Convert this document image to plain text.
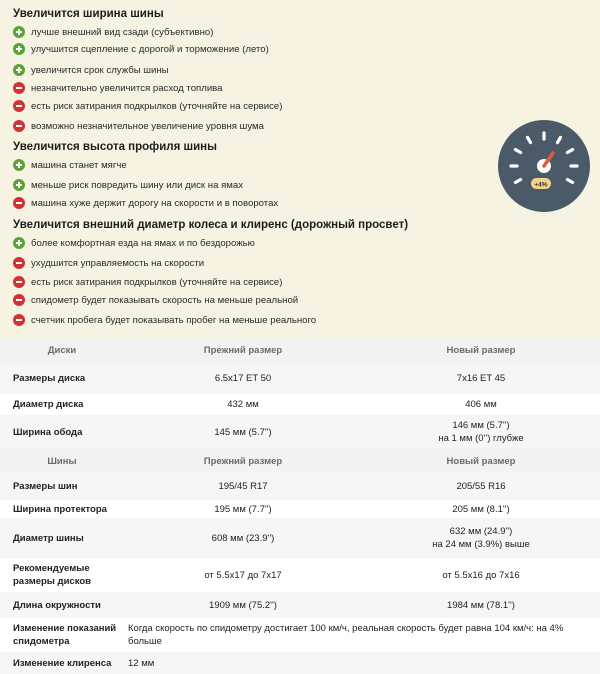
Увеличится ширина шины
лучше внешний вид сзади (субъективно)
улучшится сцепление с дорогой и торможение (лето)
увеличится срок службы шины
незначительно увеличится расход топлива
есть риск затирания подкрылков (уточняйте на сервисе)
возможно незначительное увеличение уровня шума
Увеличится высота профиля шины
машина станет мягче
меньше риск повредить шину или диск на ямах
машина хуже держит дорогу на скорости и в поворотах
Увеличится внешний диаметр колеса и клиренс (дорожный просвет)
более комфортная езда на ямах и по бездорожью
ухудшится управляемость на скорости
есть риск затирания подкрылков (уточняйте на сервисе)
спидометр будет показывать скорость на меньше реальной
счетчик пробега будет показывать пробег на меньше реального
+4%
Диски	Прежний размер	Новый размер
Размеры диска	6.5x17 ET 50	7x16 ET 45
Диаметр диска	432 мм	406 мм
Ширина обода	145 мм (5.7'')	146 мм (5.7'')
на 1 мм (0'') глубже

Шины	Прежний размер	Новый размер
Размеры шин	195/45 R17	205/55 R16
Ширина протектора	195 мм (7.7'')	205 мм (8.1'')
Диаметр шины	608 мм (23.9'')	632 мм (24.9'')
на 24 мм (3.9%) выше

Рекомендуемые размеры дисков	от 5.5x17 до 7x17	от 5.5x16 до 7x16
Длина окружности	1909 мм (75.2'')	1984 мм (78.1'')
Изменение показаний спидометра	Когда скорость по спидометру достигает 100 км/ч, реальная скорость будет равна 104 км/ч: на 4% больше	
Изменение клиренса	12 мм	
